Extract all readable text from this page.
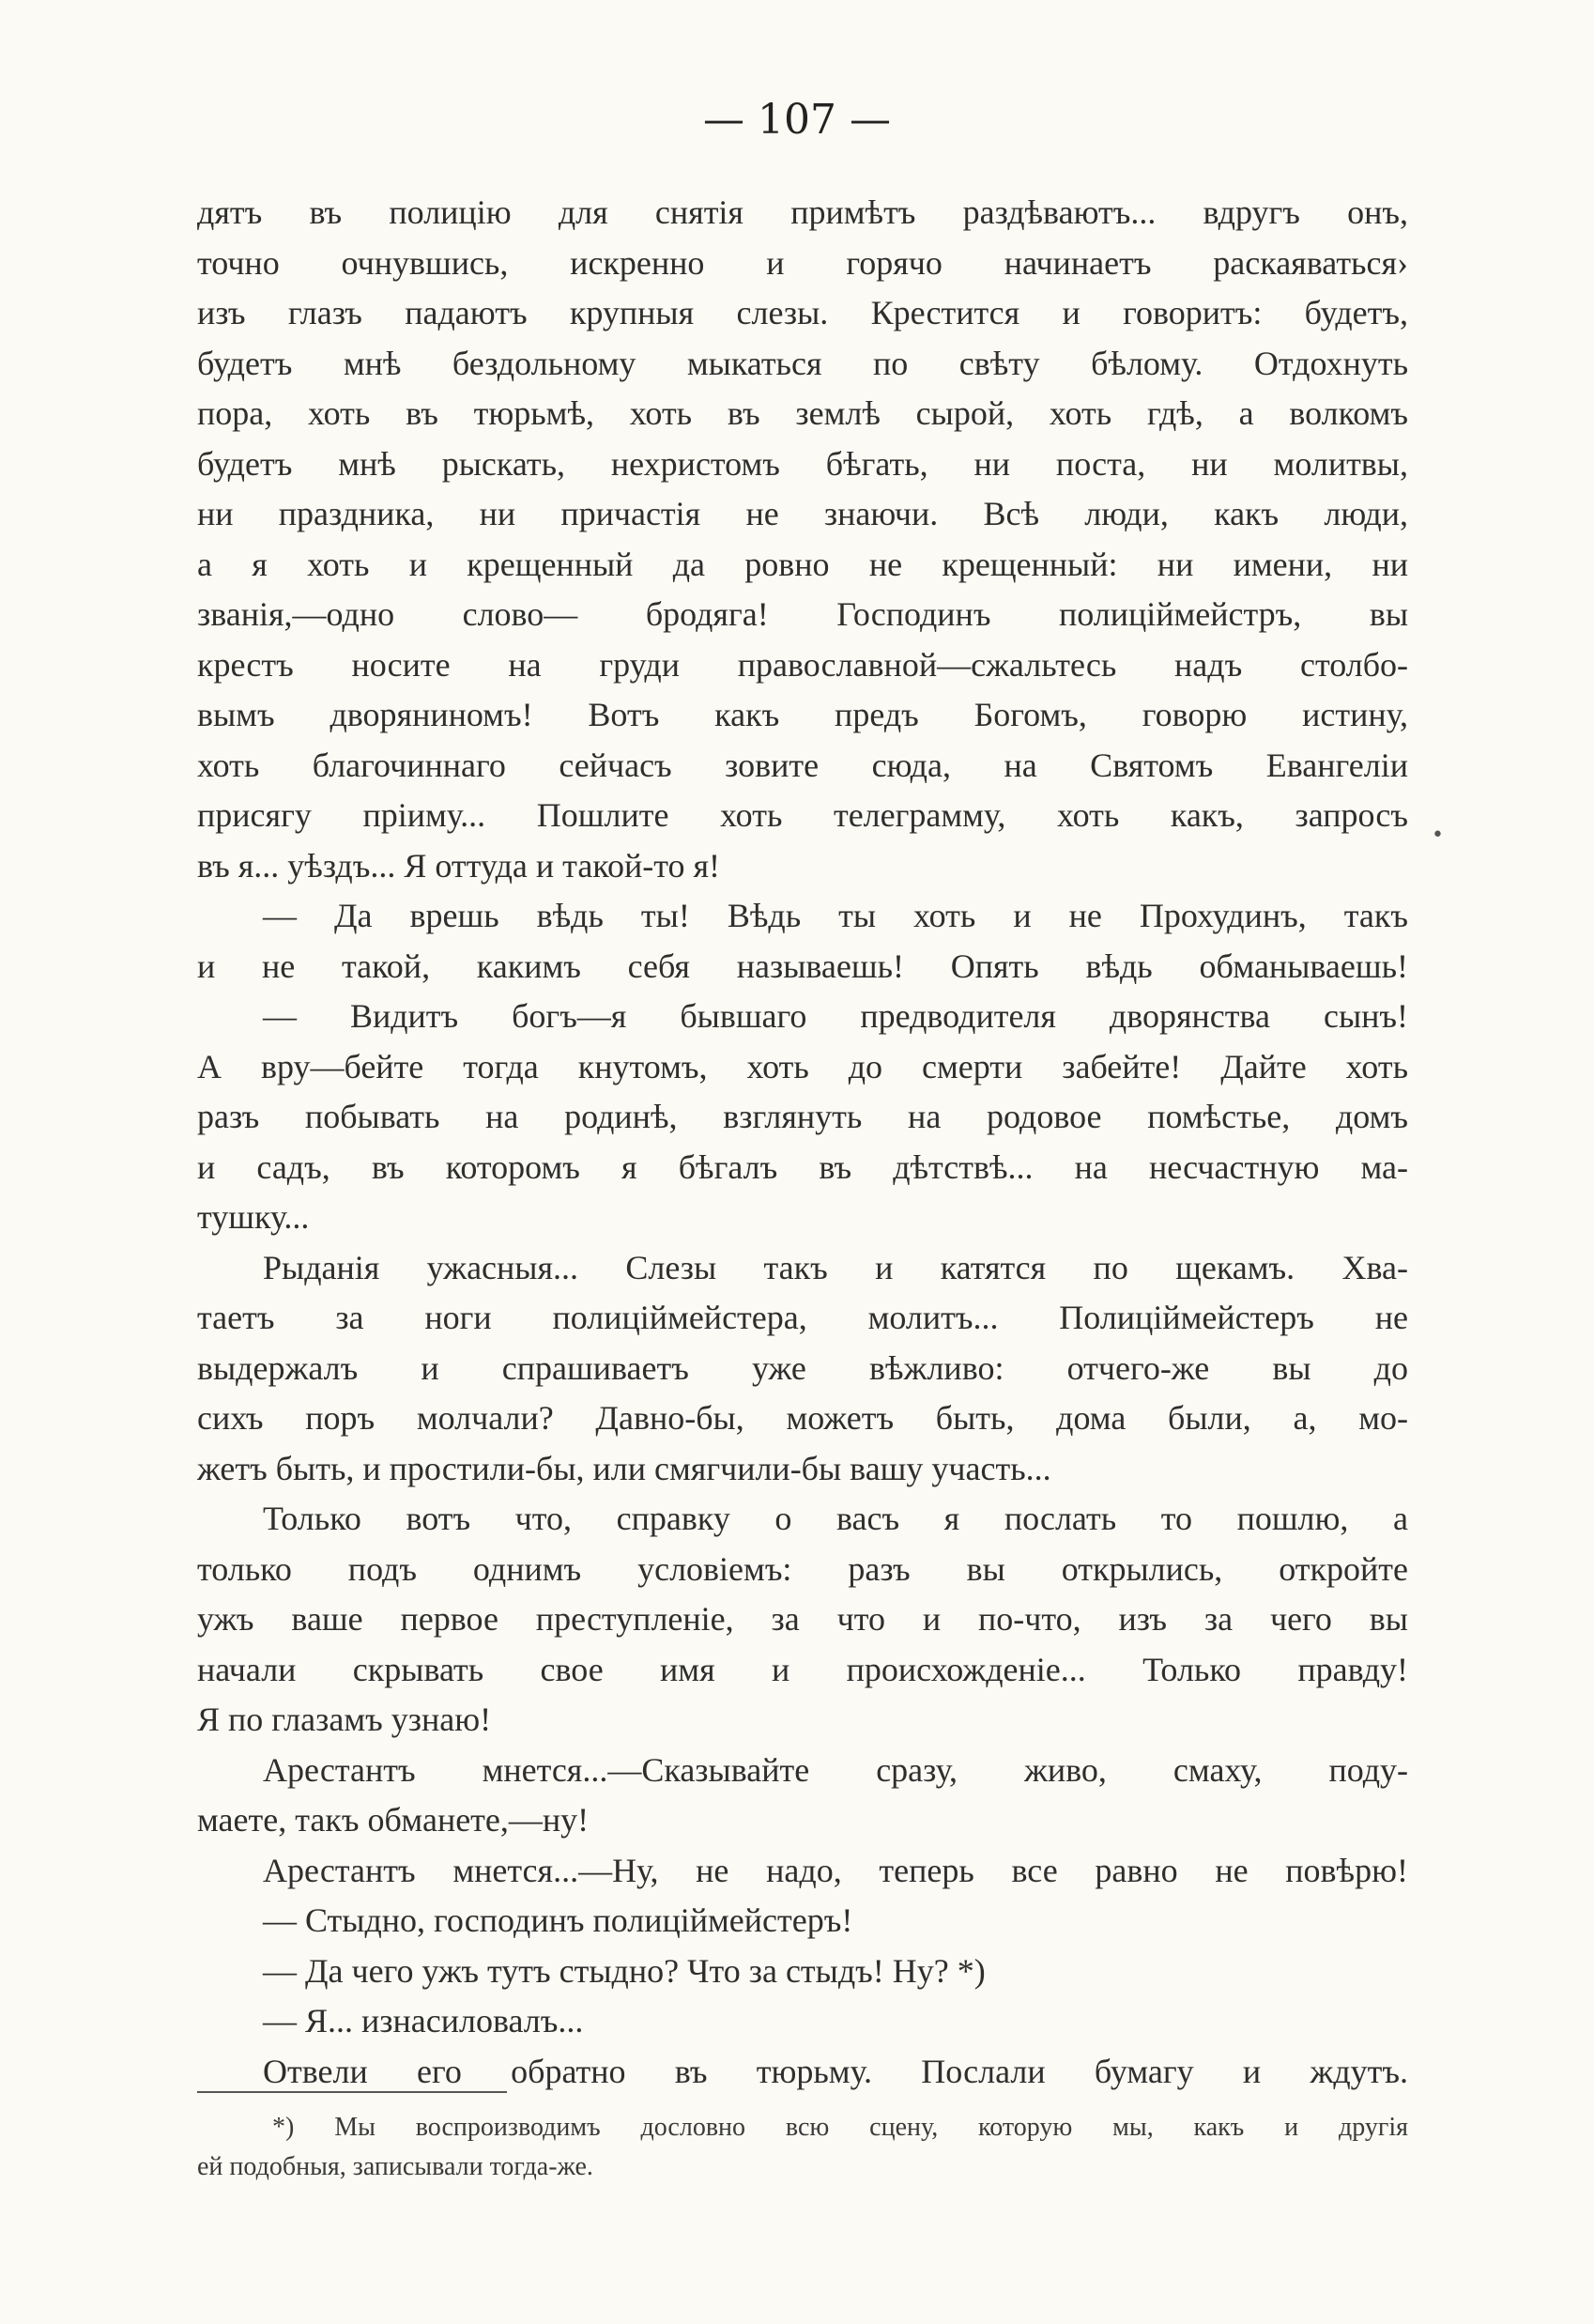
— 107 —
дятъ въ полицію для снятія примѣтъ раздѣваютъ... вдругъ онъ,
точно очнувшись, искренно и горячо начинаетъ раскаяваться›
изъ глазъ падаютъ крупныя слезы. Крестится и говоритъ: будетъ,
будетъ мнѣ бездольному мыкаться по свѣту бѣлому. Отдохнуть
пора, хоть въ тюрьмѣ, хоть въ землѣ сырой, хоть гдѣ, а волкомъ
будетъ мнѣ рыскать, нехристомъ бѣгать, ни поста, ни молитвы,
ни праздника, ни причастія не знаючи. Всѣ люди, какъ люди,
а я хоть и крещенный да ровно не крещенный: ни имени, ни
званія,—одно слово— бродяга! Господинъ полиціймейстръ, вы
крестъ носите на груди православной—сжальтесь надъ столбо-
вымъ дворяниномъ! Вотъ какъ предъ Богомъ, говорю истину,
хоть благочиннаго сейчасъ зовите сюда, на Святомъ Евангеліи
присягу пріиму... Пошлите хоть телеграмму, хоть какъ, запросъ
въ я... уѣздъ... Я оттуда и такой-то я!
— Да врешь вѣдь ты! Вѣдь ты хоть и не Прохудинъ, такъ
и не такой, какимъ себя называешь! Опять вѣдь обманываешь!
— Видитъ богъ—я бывшаго предводителя дворянства сынъ!
А вру—бейте тогда кнутомъ, хоть до смерти забейте! Дайте хоть
разъ побывать на родинѣ, взглянуть на родовое помѣстье, домъ
и садъ, въ которомъ я бѣгалъ въ дѣтствѣ... на несчастную ма-
тушку...
Рыданія ужасныя... Слезы такъ и катятся по щекамъ. Хва-
таетъ за ноги полиціймейстера, молитъ... Полиціймейстеръ не
выдержалъ и спрашиваетъ уже вѣжливо: отчего-же вы до
сихъ поръ молчали? Давно-бы, можетъ быть, дома были, а, мо-
жетъ быть, и простили-бы, или смягчили-бы вашу участь...
Только вотъ что, справку о васъ я послать то пошлю, а
только подъ однимъ условіемъ: разъ вы открылись, откройте
ужъ ваше первое преступленіе, за что и по-что, изъ за чего вы
начали скрывать свое имя и происхожденіе... Только правду!
Я по глазамъ узнаю!
Арестантъ мнется...—Сказывайте сразу, живо, смаху, поду-
маете, такъ обманете,—ну!
Арестантъ мнется...—Ну, не надо, теперь все равно не повѣрю!
— Стыдно, господинъ полиціймейстеръ!
— Да чего ужъ тутъ стыдно? Что за стыдъ! Ну? *)
— Я... изнасиловалъ...
Отвели его обратно въ тюрьму. Послали бумагу и ждутъ.
•
*) Мы воспроизводимъ дословно всю сцену, которую мы, какъ и другія
ей подобныя, записывали тогда-же.
